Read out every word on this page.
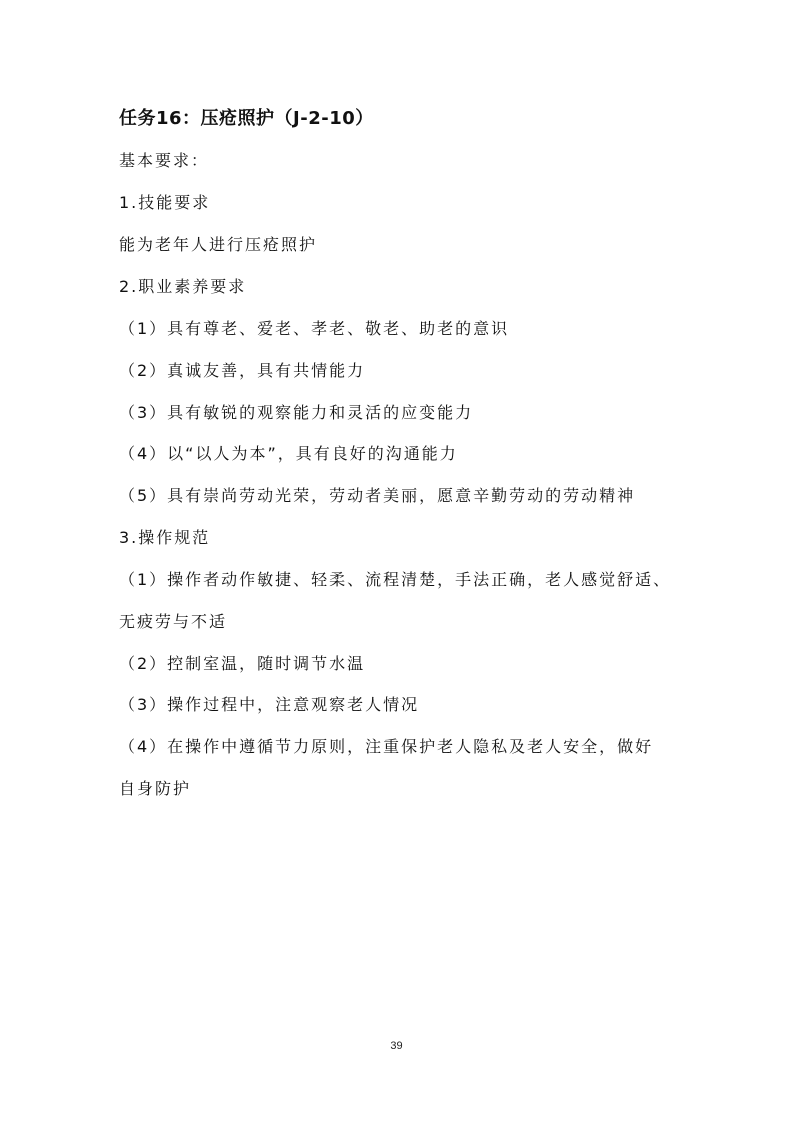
任务16：压疮照护（J-2-10）
基本要求：
1.技能要求
能为老年人进行压疮照护
2.职业素养要求
（1）具有尊老、爱老、孝老、敬老、助老的意识
（2）真诚友善，具有共情能力
（3）具有敏锐的观察能力和灵活的应变能力
（4）以“以人为本”，具有良好的沟通能力
（5）具有崇尚劳动光荣，劳动者美丽，愿意辛勤劳动的劳动精神
3.操作规范
（1）操作者动作敏捷、轻柔、流程清楚，手法正确，老人感觉舒适、
无疲劳与不适
（2）控制室温，随时调节水温
（3）操作过程中，注意观察老人情况
（4）在操作中遵循节力原则，注重保护老人隐私及老人安全，做好
自身防护
39
